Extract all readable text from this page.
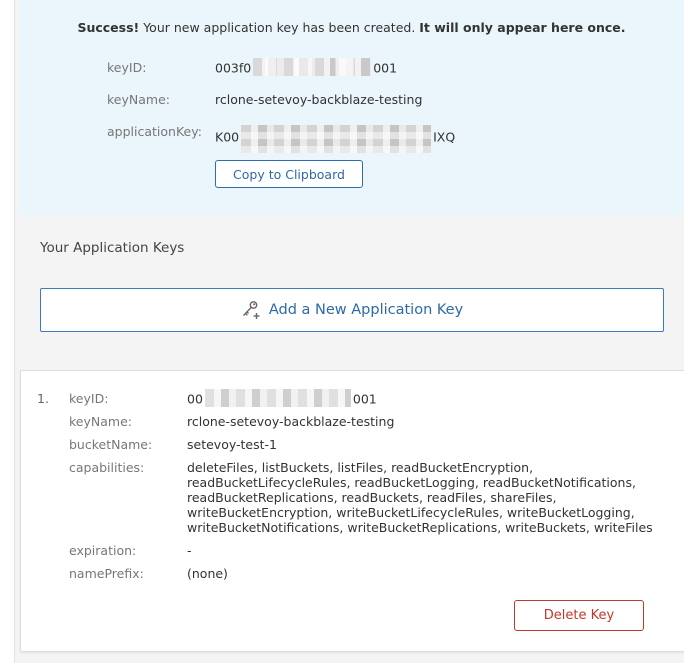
Success! Your new application key has been created. It will only appear here once.
keyID:	003f0	001
keyName:	rclone-setevoy-backblaze-testing
applicationKey: K00	IXQ
Copy to Clipboard
Your Application Keys
Add a New Application Key
1. keyID:	00	001
keyName:	rclone-setevoy-backblaze-testing
bucketName:	setevoy-test-1
capabilities:	deleteFiles, listBuckets, listFiles, readBucketEncryption,
readBucketLifecycleRules, readBucketLogging, readBucketNotifications,
readBucketReplications, readBuckets, readFiles, shareFiles,
writeBucketEncryption, writeBucketLifecycleRules, writeBucketLogging,
writeBucketNotifications, writeBucketReplications, writeBuckets, writeFiles
expiration:	-
namePrefix:	(none)
Delete Key
